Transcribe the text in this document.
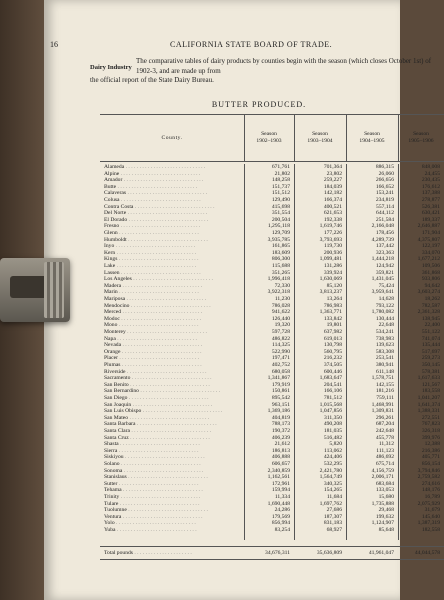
16	CALIFORNIA STATE BOARD OF TRADE.
Dairy Industry
The comparative tables of dairy products by counties begin with the season (which closes October 1st) of 1902-3, and are made up from
the official report of the State Dairy Bureau.
BUTTER PRODUCED.
County.
Season
1902–1903
Season
1903–1904
Season
1904–1905
Season
1905–1906
Alameda . . .	671,761	701,364	886,315	848,008
Alpine . . .	21,802	23,802	26,060	24,455
Amador . . .	148,258	259,227	266,656	230,435
Butte . . .	151,737	184,039	166,652	176,612
Calaveras . . .	151,512	142,182	153,241	137,388
Colusa . . .	129,490	166,374	234,819	278,877
Contra Costa . . .	415,698	400,521	557,114	526,381
Del Norte . . .	351,554	621,653	644,112	630,421
El Dorado . . .	200,504	192,338	251,584	189,337
Fresno . . .	1,295,118	1,619,746	2,166,048	2,646,887
Glenn . . .	129,709	177,226	178,456	171,904
Humboldt . . .	3,935,785	3,793,693	4,289,739	4,375,807
Inyo . . .	161,865	119,730	137,442	122,197
Kern . . .	183,609	200,936	323,363	334,070
Kings . . .	806,300	1,099,481	1,444,218	1,677,212
Lake . . .	115,688	131,286	124,942	109,506
Lassen . . .	351,265	339,924	359,821	361,868
Los Angeles . . .	1,996,418	1,630,069	1,431,045	933,806
Madera . . .	72,330	85,120	75,424	94,642
Marin . . .	3,922,318	3,813,237	3,959,641	3,603,274
Mariposa . . .	11,230	13,264	14,628	18,262
Mendocino . . .	786,028	786,983	793,122	782,587
Merced . . .	941,622	1,363,771	1,780,082	2,361,328
Modoc . . .	126,440	133,842	130,444	138,945
Mono . . .	19,320	19,801	22,648	22,400
Monterey . . .	597,728	637,982	534,241	551,122
Napa . . .	486,822	619,013	738,983	741,074
Nevada . . .	114,325	130,798	139,623	135,444
Orange . . .	522,990	560,795	583,308	517,697
Placer . . .	197,471	216,232	253,541	259,273
Plumas . . .	402,752	374,505	380,941	350,145
Riverside . . .	680,058	600,446	611,148	578,381
Sacramento . . .	1,341,867	1,683,647	1,578,751	1,617,633
San Benito . . .	179,919	204,541	142,155	121,567
San Bernardino . . .	150,861	166,106	181,216	183,558
San Diego . . .	895,542	781,512	759,111	1,041,207
San Joaquin . . .	963,151	1,015,568	1,468,991	1,641,374
San Luis Obispo . . .	1,369,186	1,047,856	1,309,831	1,388,331
San Mateo . . .	404,819	311,350	296,261	272,551
Santa Barbara . . .	788,173	490,208	687,204	767,823
Santa Clara . . .	190,372	181,035	242,648	326,318
Santa Cruz . . .	406,239	516,482	455,778	399,976
Shasta . . .	21,612	5,820	11,312	12,388
Sierra . . .	186,813	113,062	111,123	216,386
Siskiyou . . .	406,888	424,406	486,692	405,771
Solano . . .	606,657	532,295	675,714	856,154
Sonoma . . .	2,340,859	2,421,780	4,156,759	3,794,846
Stanislaus . . .	1,162,561	1,564,749	2,006,171	2,759,582
Sutter . . .	172,961	340,325	683,684	274,616
Tehama . . .	159,994	154,265	133,053	148,176
Trinity . . .	11,334	11,684	15,680	16,789
Tulare . . .	1,690,448	1,697,762	1,735,888	2,075,929
Tuolumne . . .	24,286	27,686	29,468	31,679
Ventura . . .	179,569	187,307	199,632	145,640
Yolo . . .	856,994	831,183	1,124,907	1,387,319
Yuba . . .	83,254	68,927	85,648	182,558
Total pounds . . .	34,676,311	35,636,809	41,961,047	44,044,578
